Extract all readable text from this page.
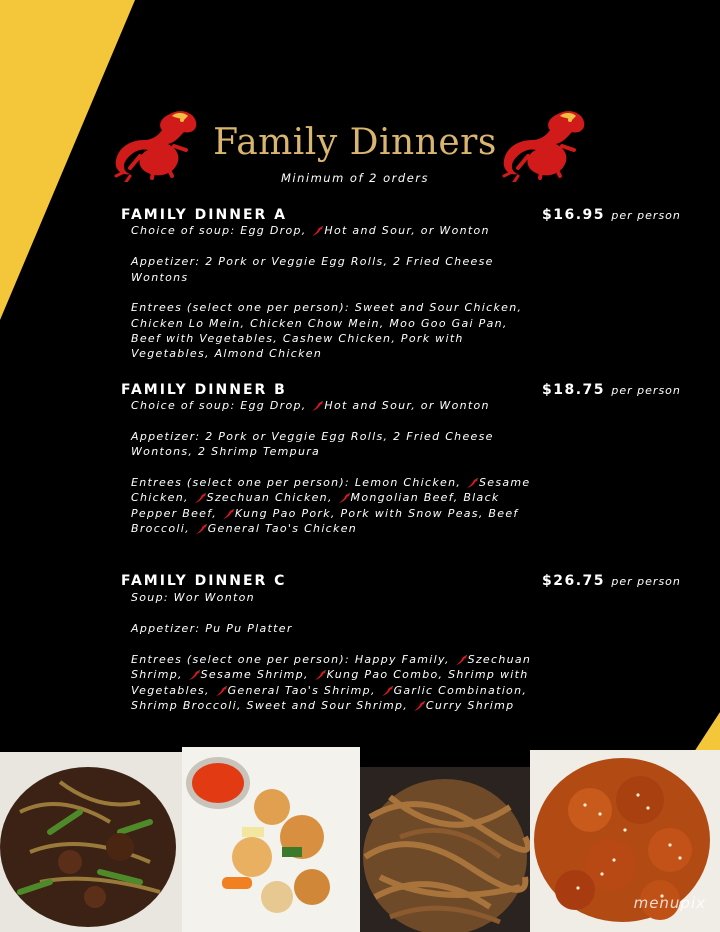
Family Dinners
Minimum of 2 orders
FAMILY DINNER A	$16.95 per person
Choice of soup: Egg Drop, Hot and Sour, or Wonton
Appetizer: 2 Pork or Veggie Egg Rolls, 2 Fried Cheese
Wontons
Entrees (select one per person): Sweet and Sour Chicken,
Chicken Lo Mein, Chicken Chow Mein, Moo Goo Gai Pan,
Beef with Vegetables, Cashew Chicken, Pork with
Vegetables, Almond Chicken
FAMILY DINNER B	$18.75 per person
Choice of soup: Egg Drop, Hot and Sour, or Wonton
Appetizer: 2 Pork or Veggie Egg Rolls, 2 Fried Cheese
Wontons, 2 Shrimp Tempura
Entrees (select one per person): Lemon Chicken, Sesame
Chicken, Szechuan Chicken, Mongolian Beef, Black
Pepper Beef, Kung Pao Pork, Pork with Snow Peas, Beef
Broccoli, General Tao's Chicken
FAMILY DINNER C	$26.75 per person
Soup: Wor Wonton
Appetizer: Pu Pu Platter
Entrees (select one per person): Happy Family, Szechuan
Shrimp, Sesame Shrimp, Kung Pao Combo, Shrimp with
Vegetables, General Tao's Shrimp, Garlic Combination,
Shrimp Broccoli, Sweet and Sour Shrimp, Curry Shrimp
menupix
